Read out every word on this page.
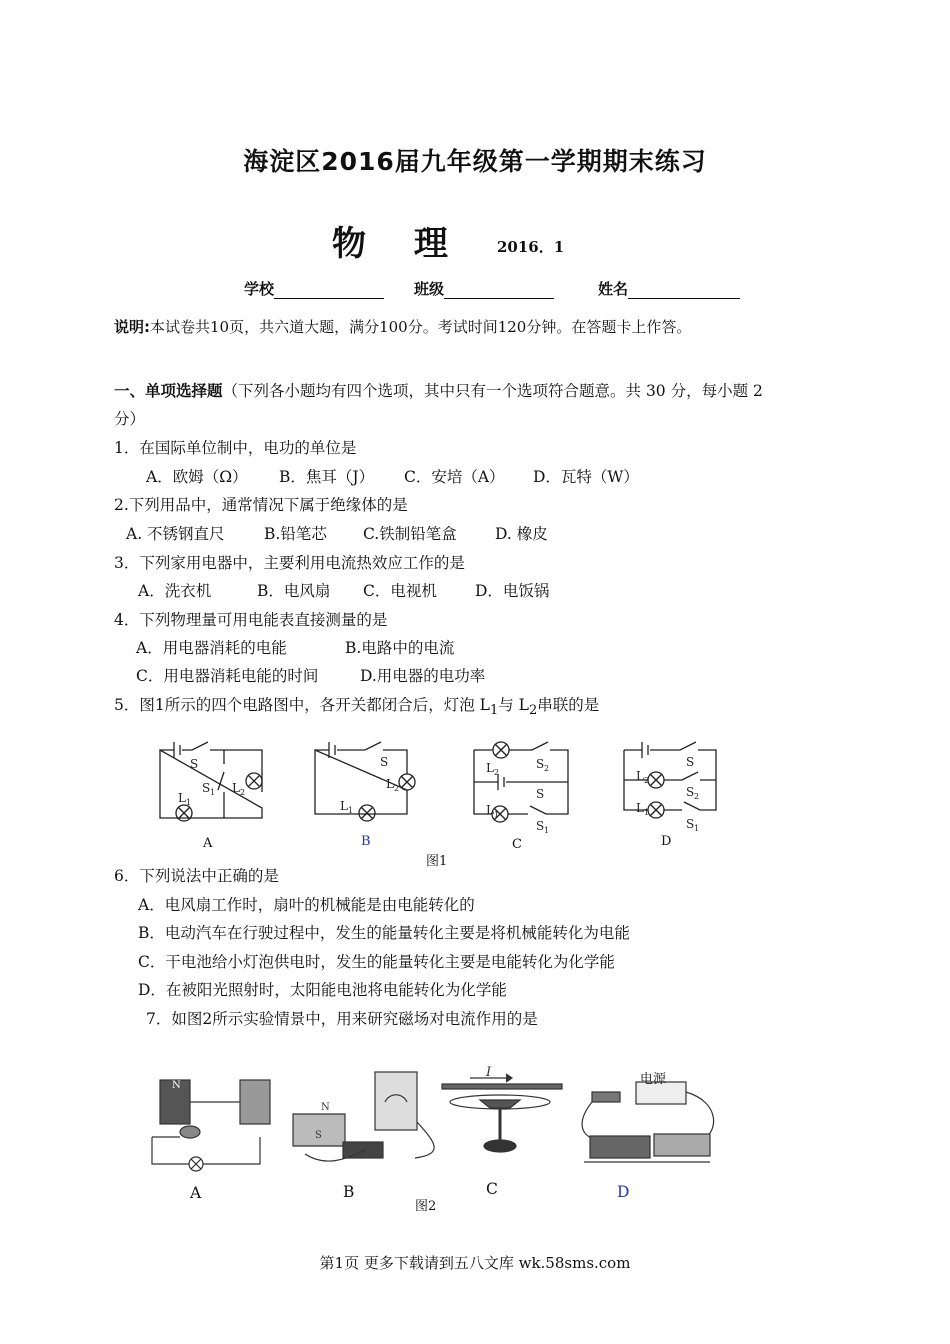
海淀区2016届九年级第一学期期末练习
物 理 2016．1
学校	班级	姓名
说明:本试卷共10页，共六道大题，满分100分。考试时间120分钟。在答题卡上作答。
一、单项选择题（下列各小题均有四个选项，其中只有一个选项符合题意。共 30 分，每小题 2
分）
1．在国际单位制中，电功的单位是
A．欧姆（Ω） B．焦耳（J） C．安培（A） D．瓦特（W）
2.下列用品中，通常情况下属于绝缘体的是
A. 不锈钢直尺	B.铅笔芯 C.铁制铅笔盒 D. 橡皮
3．下列家用电器中，主要利用电流热效应工作的是
A．洗衣机	B．电风扇 C．电视机 D．电饭锅
4．下列物理量可用电能表直接测量的是
A．用电器消耗的电能	B.电路中的电流
C．用电器消耗电能的时间	D.用电器的电功率
5．图1所示的四个电路图中，各开关都闭合后，灯泡 $L_1$与 $L_2$串联的是
S
S 1 L 2
L 1
S
L 2
L 1
L 2
S 2
S
L 1
S 1
S
L 2
S 2
L 1
S 1
A	B
图1
C	D
6．下列说法中正确的是
A．电风扇工作时，扇叶的机械能是由电能转化的
B．电动汽车在行驶过程中，发生的能量转化主要是将机械能转化为电能
C．干电池给小灯泡供电时，发生的能量转化主要是电能转化为化学能
D．在被阳光照射时，太阳能电池将电能转化为化学能
7．如图2所示实验情景中，用来研究磁场对电流作用的是
N
N
S
I	电源
A	B	C	D
图2
第1页 更多下载请到五八文库 wk.58sms.com
